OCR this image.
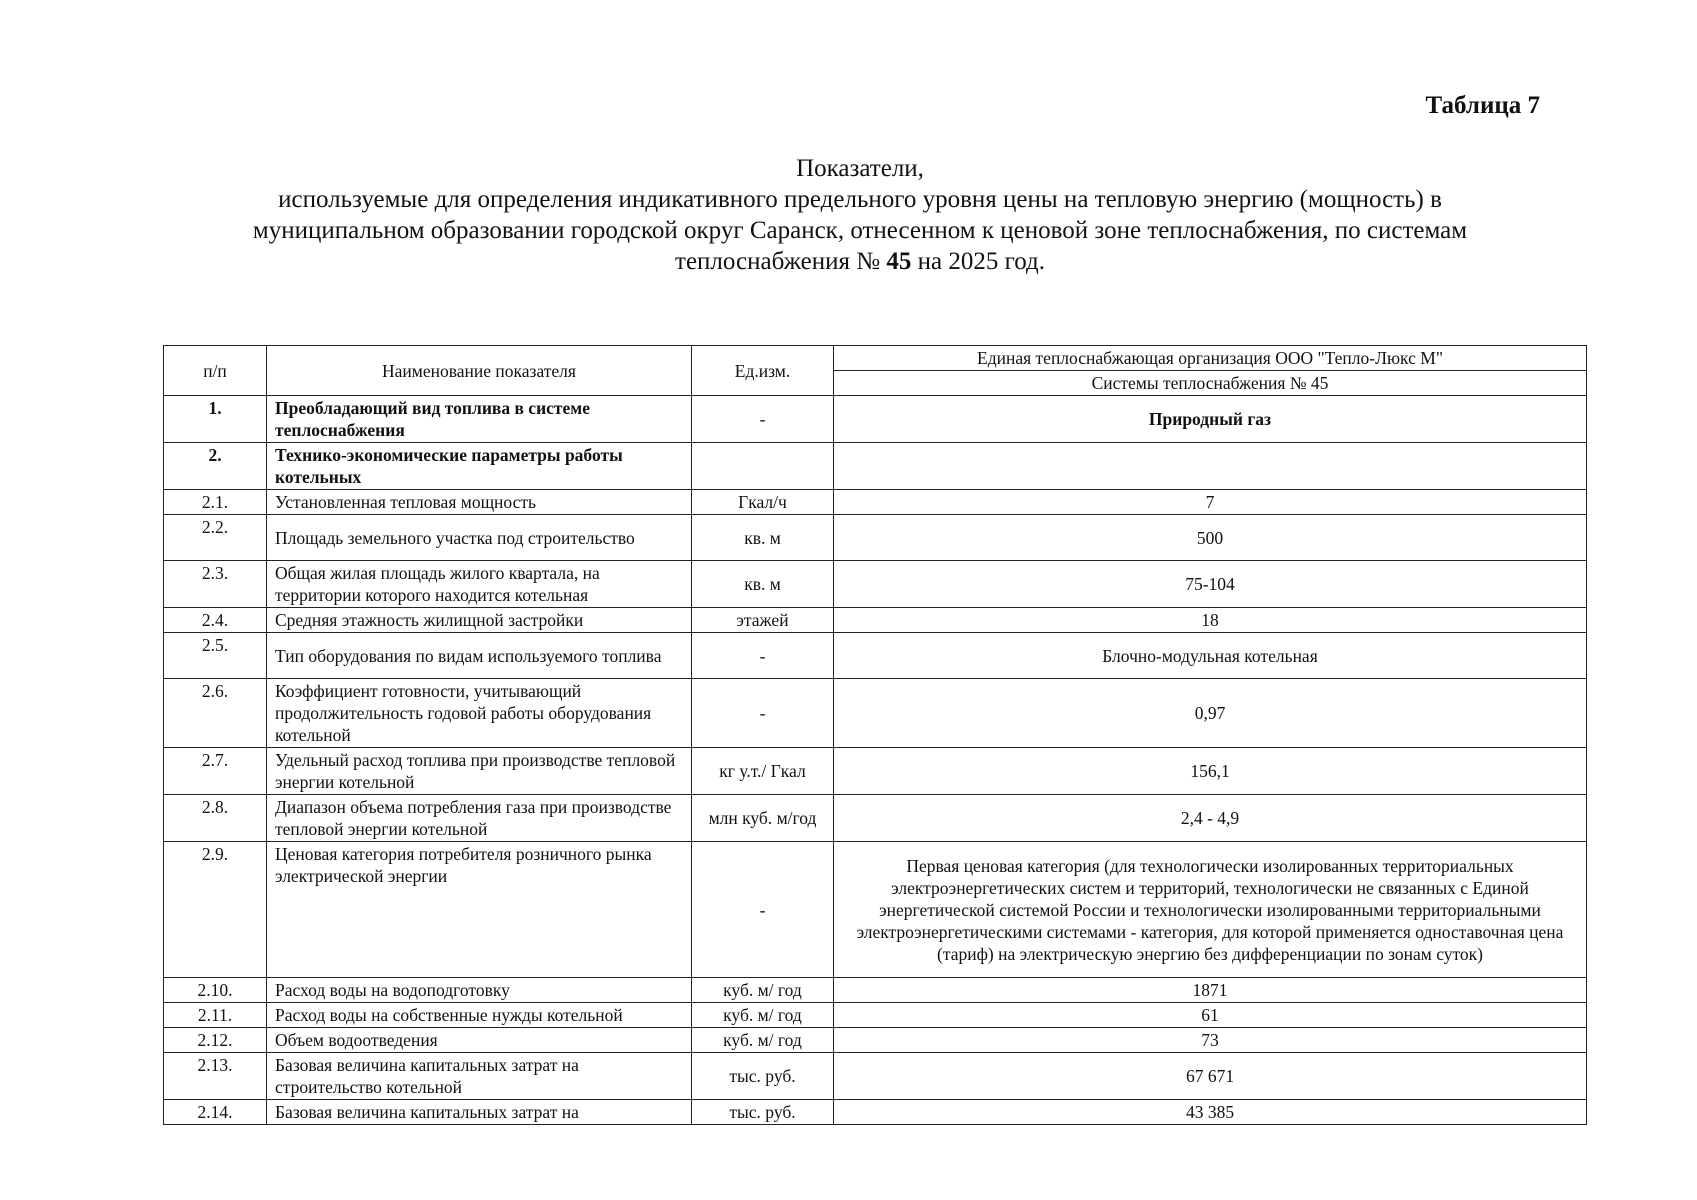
Таблица 7
Показатели,
используемые для определения индикативного предельного уровня цены на тепловую энергию (мощность) в
муниципальном образовании городской округ Саранск, отнесенном к ценовой зоне теплоснабжения, по системам
теплоснабжения № 45 на 2025 год.
п/п	Наименование показателя	Ед.изм.	Единая теплоснабжающая организация ООО "Тепло-Люкс М"
			Системы теплоснабжения № 45
1.	Преобладающий вид топлива в системе теплоснабжения	-	Природный газ
2.	Технико-экономические параметры работы котельных		
2.1.	Установленная тепловая мощность	Гкал/ч	7
2.2.	Площадь земельного участка под строительство	кв. м	500
2.3.	Общая жилая площадь жилого квартала, на территории которого находится котельная	кв. м	75-104
2.4.	Средняя этажность жилищной застройки	этажей	18
2.5.	Тип оборудования по видам используемого топлива	-	Блочно-модульная котельная
2.6.	Коэффициент готовности, учитывающий продолжительность годовой работы оборудования котельной	-	0,97
2.7.	Удельный расход топлива при производстве тепловой энергии котельной	кг у.т./ Гкал	156,1
2.8.	Диапазон объема потребления газа при производстве тепловой энергии котельной	млн куб. м/год	2,4 - 4,9
2.9.	Ценовая категория потребителя розничного рынка электрической энергии	-	Первая ценовая категория (для технологически изолированных территориальных электроэнергетических систем и территорий, технологически не связанных с Единой энергетической системой России и технологически изолированными территориальными электроэнергетическими системами - категория, для которой применяется одноставочная цена (тариф) на электрическую энергию без дифференциации по зонам суток)
2.10.	Расход воды на водоподготовку	куб. м/ год	1871
2.11.	Расход воды на собственные нужды котельной	куб. м/ год	61
2.12.	Объем водоотведения	куб. м/ год	73
2.13.	Базовая величина капитальных затрат на строительство котельной	тыс. руб.	67 671
2.14.	Базовая величина капитальных затрат на	тыс. руб.	43 385
